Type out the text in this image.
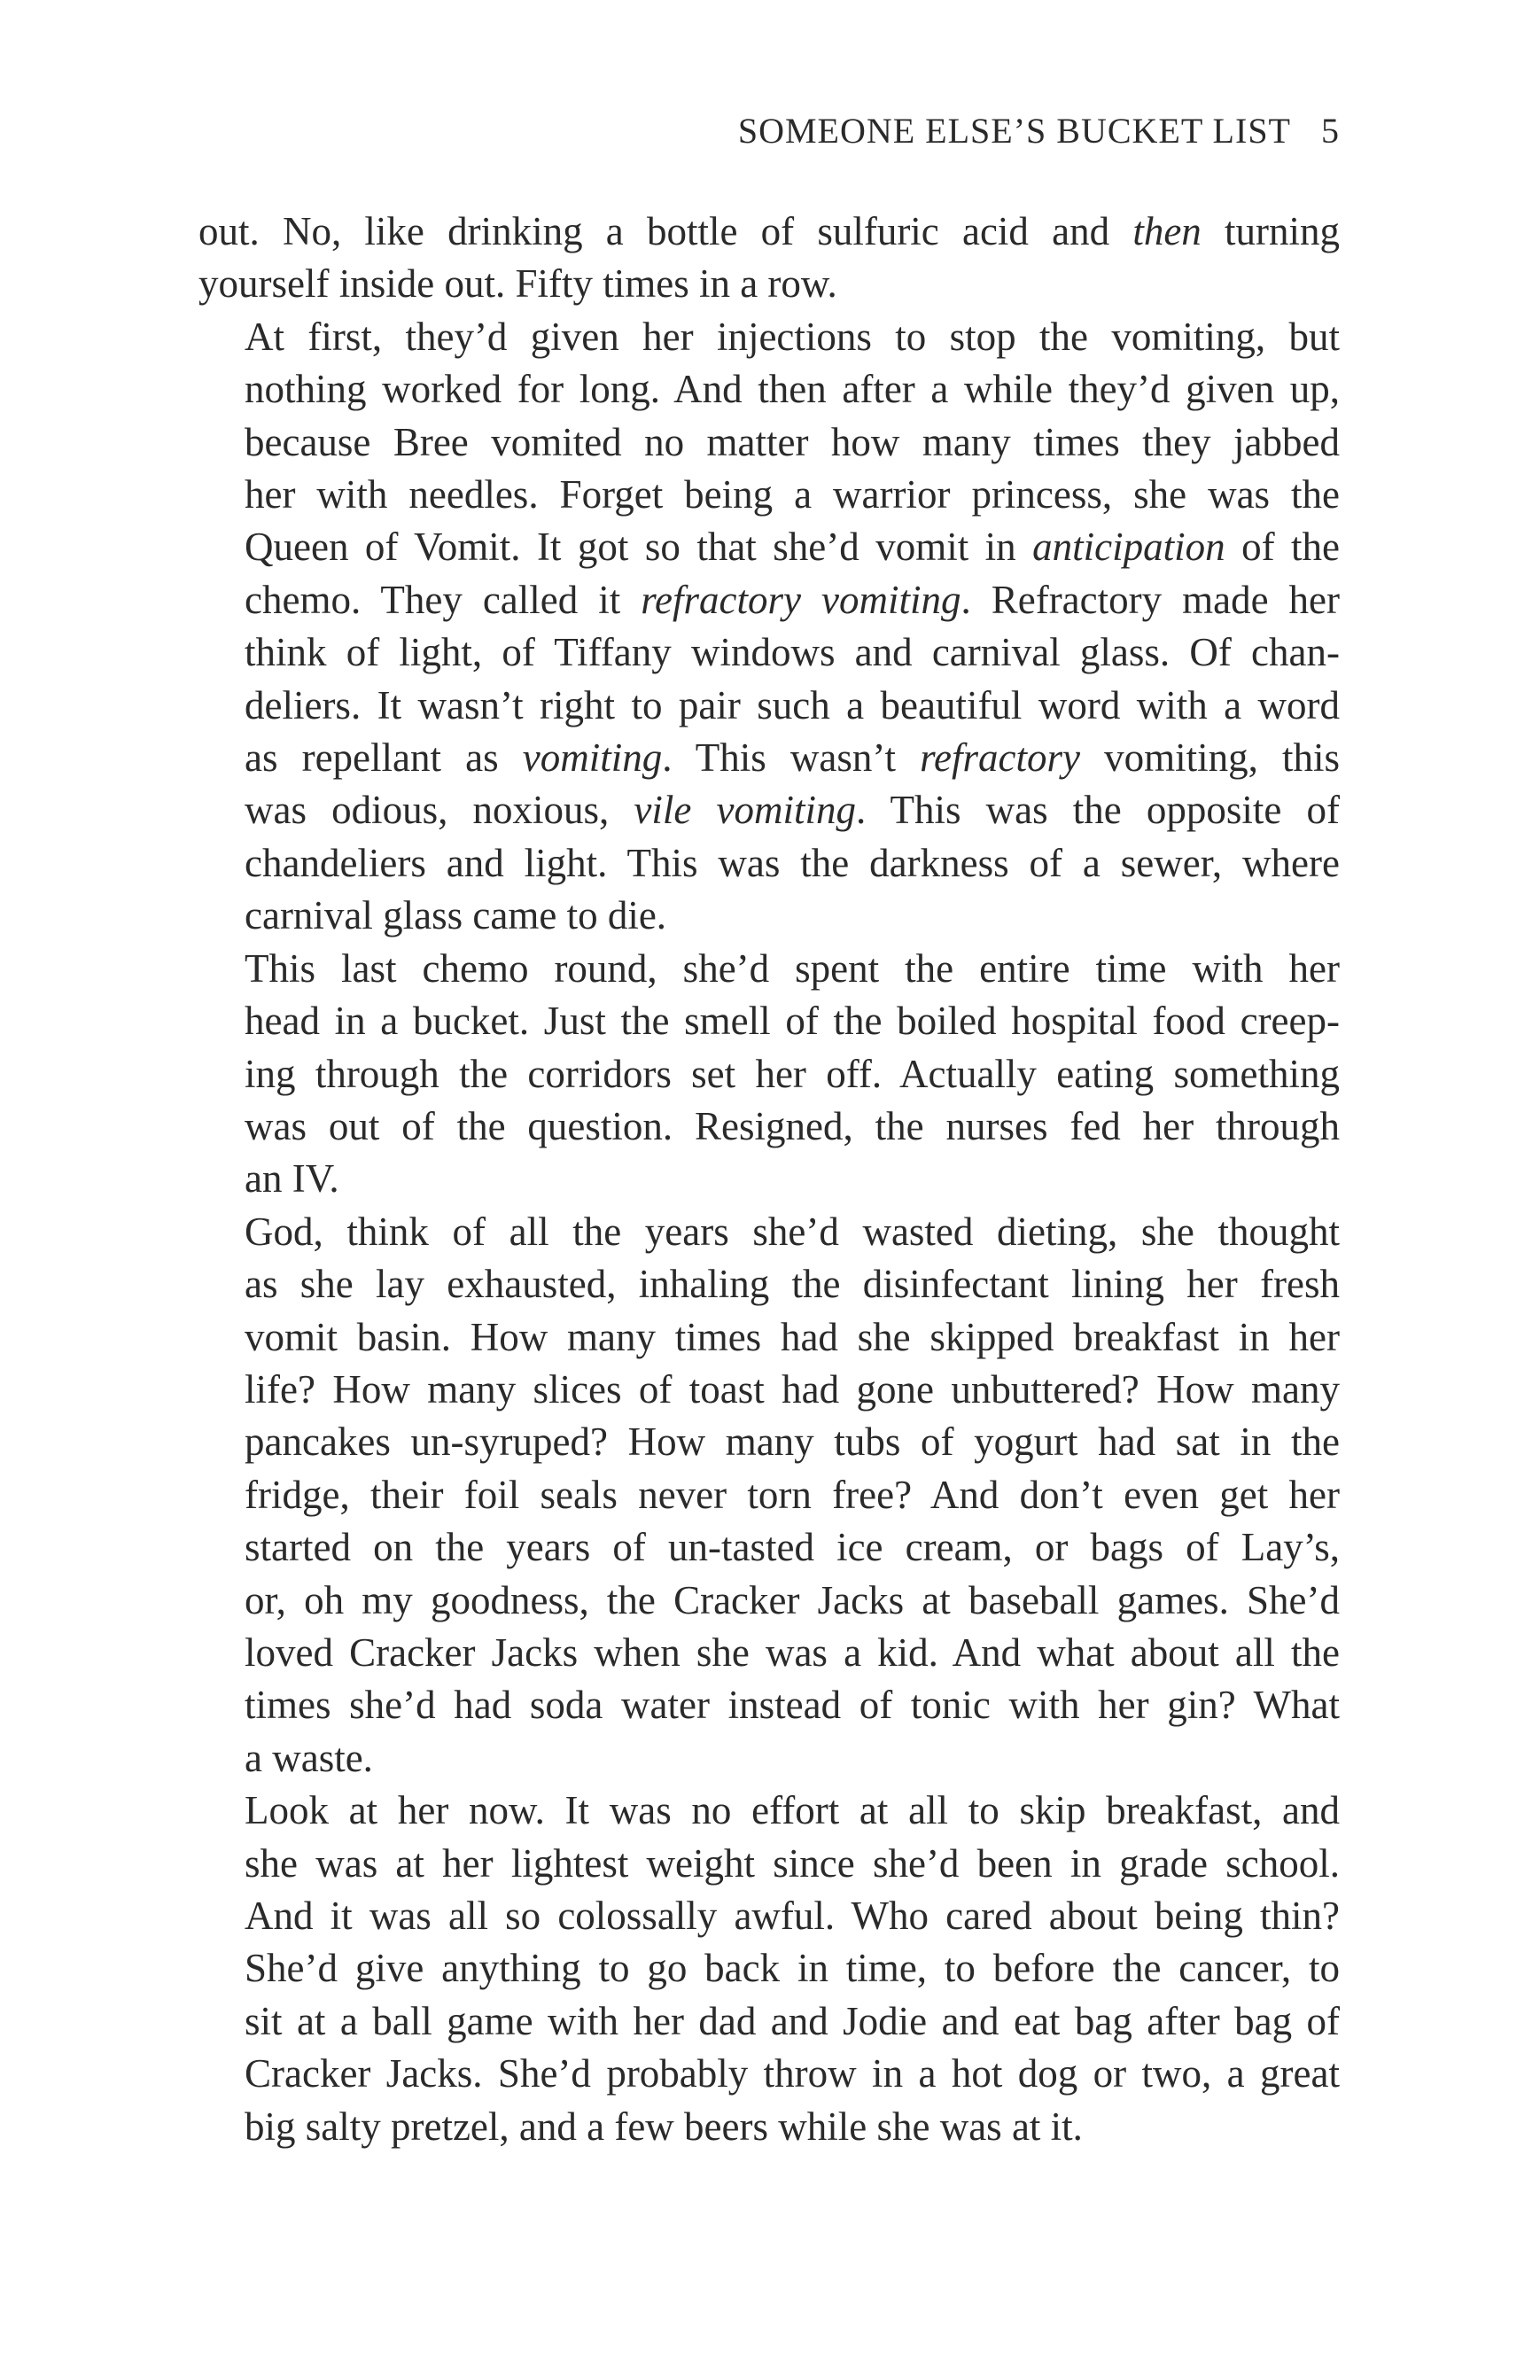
SOMEONE ELSE’S BUCKET LIST 5

out. No, like drinking a bottle of sulfuric acid and then turning
yourself inside out. Fifty times in a row.

At first, they’d given her injections to stop the vomiting, but
nothing worked for long. And then after a while they’d given up,
because Bree vomited no matter how many times they jabbed
her with needles. Forget being a warrior princess, she was the
Queen of Vomit. It got so that she’d vomit in anticipation of the
chemo. They called it refractory vomiting. Refractory made her
think of light, of Tiffany windows and carnival glass. Of chan-
deliers. It wasn’t right to pair such a beautiful word with a word
as repellant as vomiting. This wasn’t refractory vomiting, this
was odious, noxious, vile vomiting. This was the opposite of
chandeliers and light. This was the darkness of a sewer, where
carnival glass came to die.

This last chemo round, she’d spent the entire time with her
head in a bucket. Just the smell of the boiled hospital food creep-
ing through the corridors set her off. Actually eating something
was out of the question. Resigned, the nurses fed her through
an IV.

God, think of all the years she’d wasted dieting, she thought
as she lay exhausted, inhaling the disinfectant lining her fresh
vomit basin. How many times had she skipped breakfast in her
life? How many slices of toast had gone unbuttered? How many
pancakes un-syruped? How many tubs of yogurt had sat in the
fridge, their foil seals never torn free? And don’t even get her
started on the years of un-tasted ice cream, or bags of Lay’s,
or, oh my goodness, the Cracker Jacks at baseball games. She’d
loved Cracker Jacks when she was a kid. And what about all the
times she’d had soda water instead of tonic with her gin? What
a waste.

Look at her now. It was no effort at all to skip breakfast, and
she was at her lightest weight since she’d been in grade school.
And it was all so colossally awful. Who cared about being thin?
She’d give anything to go back in time, to before the cancer, to
sit at a ball game with her dad and Jodie and eat bag after bag of
Cracker Jacks. She’d probably throw in a hot dog or two, a great
big salty pretzel, and a few beers while she was at it.
